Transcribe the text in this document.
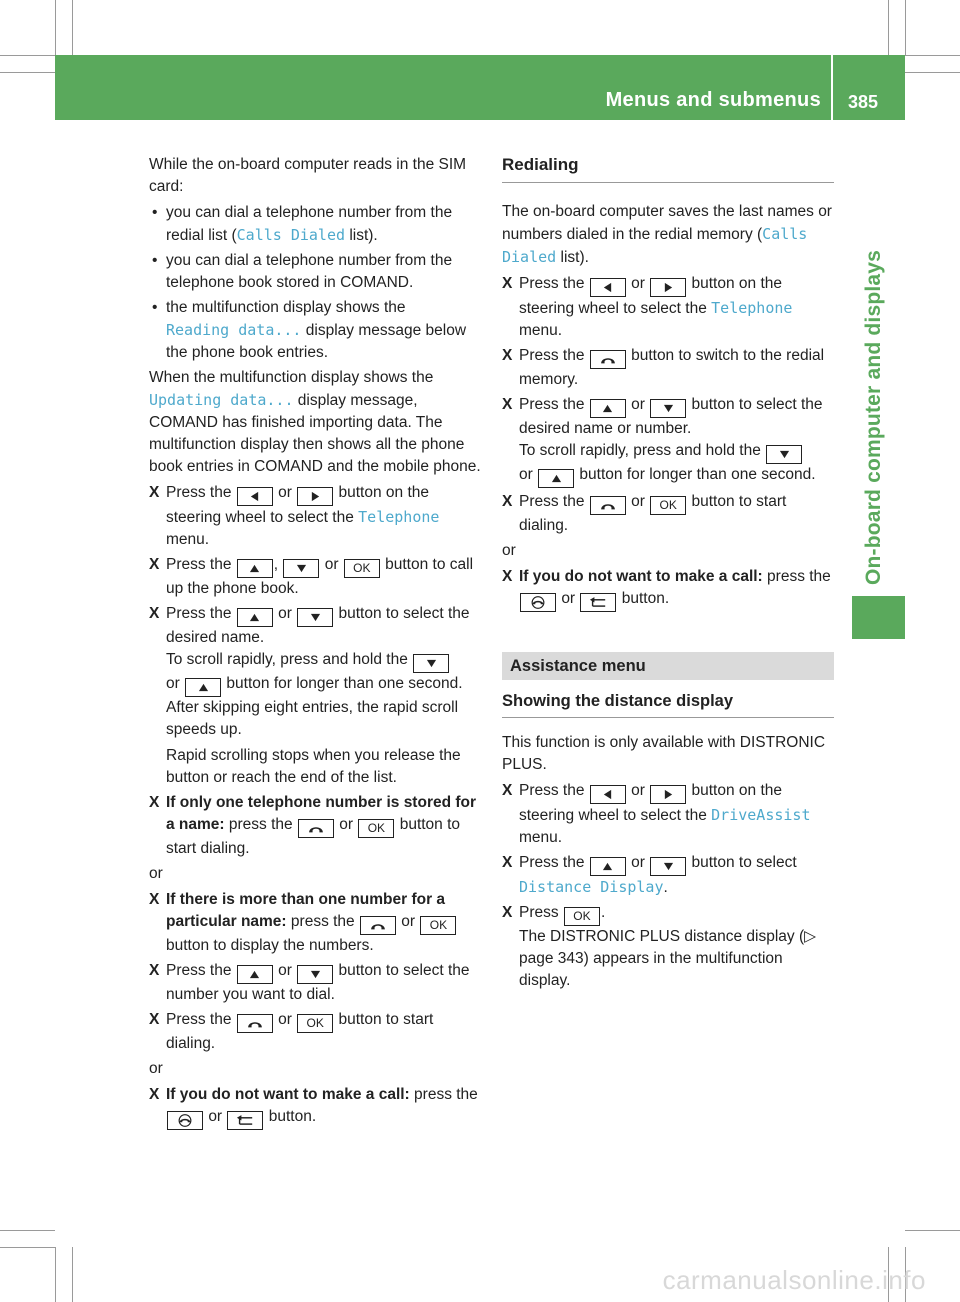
Menus and submenus 385
On-board computer and displays

While the on-board computer reads in the SIM card:

• you can dial a telephone number from the redial list (Calls Dialed list).
• you can dial a telephone number from the telephone book stored in COMAND.
• the multifunction display shows the
Reading data... display message below the phone book entries.

When the multifunction display shows the
Updating data... display message, COMAND has finished importing data. The multifunction display then shows all the phone book entries in COMAND and the mobile phone.

X Press the	or	button on the steering wheel to select the Telephone
menu.
X Press the ,	or OK button to call up the phone book.
X Press the	or	button to select the desired name.
To scroll rapidly, press and hold the
or	button for longer than one second. After skipping eight entries, the rapid scroll speeds up.
Rapid scrolling stops when you release the button or reach the end of the list.
X If only one telephone number is stored for a name: press the	or OK button to start dialing.

or

X If there is more than one number for a particular name: press the	or OK button to display the numbers.
X Press the	or	button to select the number you want to dial.
X Press the	or OK button to start dialing.

or

X If you do not want to make a call: press the  or	button.
Redialing

The on-board computer saves the last names or numbers dialed in the redial memory (Calls Dialed list).

X Press the	or	button on the steering wheel to select the Telephone
menu.
X Press the  button to switch to the redial memory.
X Press the	or	button to select the desired name or number.
To scroll rapidly, press and hold the
or	button for longer than one second.
X Press the	or OK button to start dialing.

or

X If you do not want to make a call: press the  or	button.
Assistance menu
Showing the distance display

This function is only available with DISTRONIC PLUS.

X Press the	or	button on the steering wheel to select the DriveAssist
menu.
X Press the	or	button to select
Distance Display.
X Press OK .
The DISTRONIC PLUS distance display (▷ page 343) appears in the multifunction display.
carmanualsonline.info
